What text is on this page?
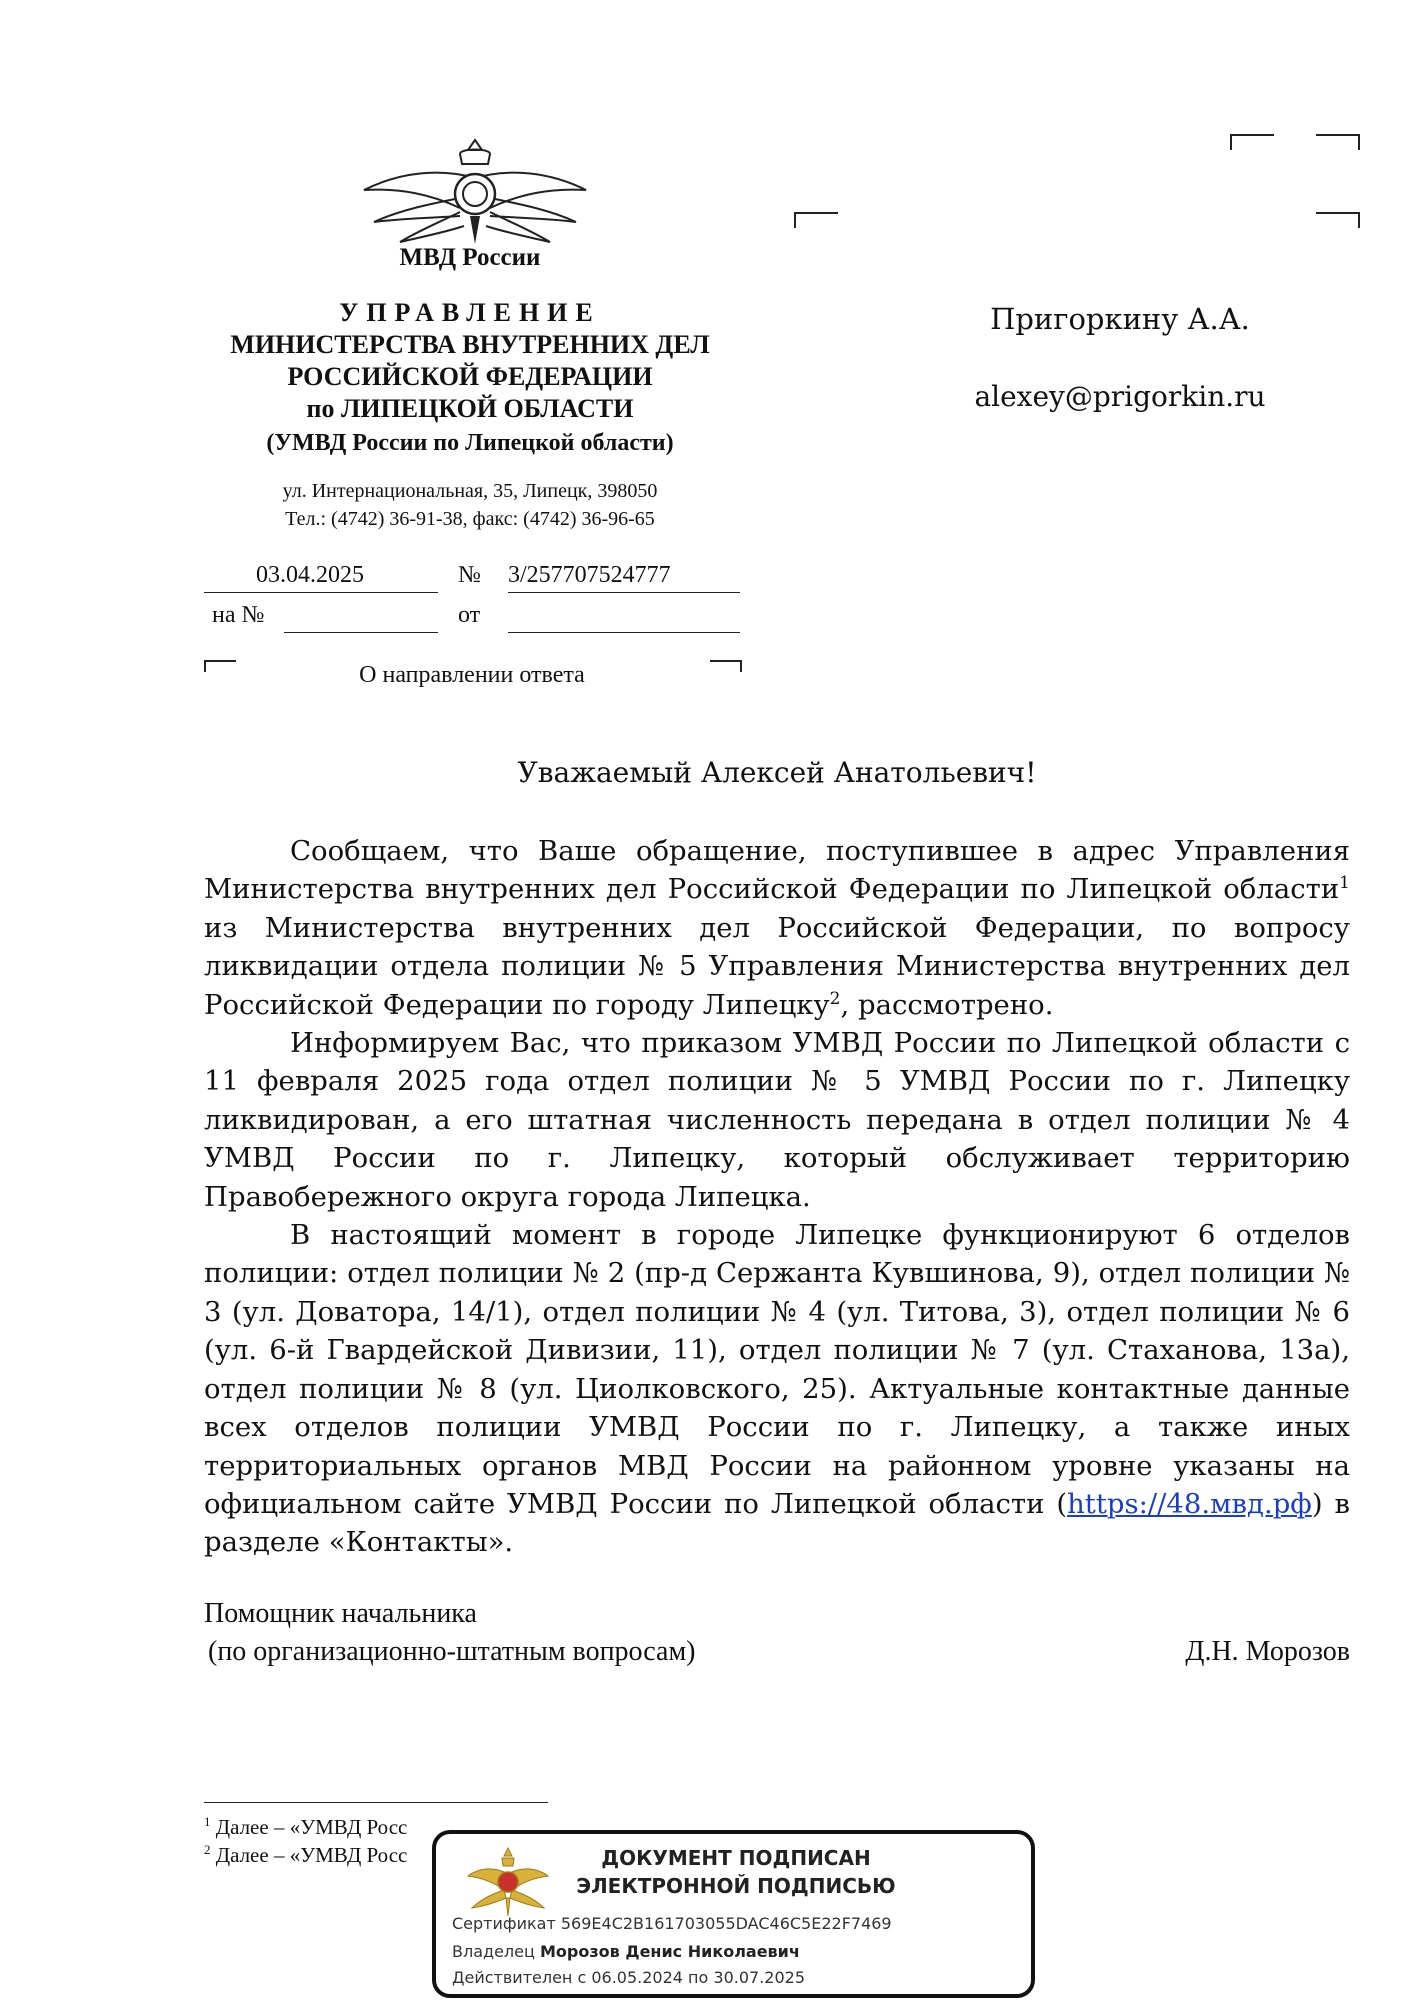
МВД России
УПРАВЛЕНИЕ
МИНИСТЕРСТВА ВНУТРЕННИХ ДЕЛ
РОССИЙСКОЙ ФЕДЕРАЦИИ
по ЛИПЕЦКОЙ ОБЛАСТИ
(УМВД России по Липецкой области)
ул. Интернациональная, 35, Липецк, 398050
Тел.: (4742) 36-91-38, факс: (4742) 36-96-65
03.04.2025	№ 3/257707524777
на №	от
О направлении ответа
Пригоркину А.А.
alexey@prigorkin.ru
Уважаемый Алексей Анатольевич!

Сообщаем, что Ваше обращение, поступившее в адрес Управления Министерства внутренних дел Российской Федерации по Липецкой области$^1$ из Министерства внутренних дел Российской Федерации, по вопросу ликвидации отдела полиции № 5 Управления Министерства внутренних дел Российской Федерации по городу Липецку$^2$, рассмотрено.

Информируем Вас, что приказом УМВД России по Липецкой области с 11 февраля 2025 года отдел полиции № 5 УМВД России по г. Липецку ликвидирован, а его штатная численность передана в отдел полиции № 4 УМВД России по г. Липецку, который обслуживает территорию Правобережного округа города Липецка.

В настоящий момент в городе Липецке функционируют 6 отделов полиции: отдел полиции № 2 (пр-д Сержанта Кувшинова, 9), отдел полиции № 3 (ул. Доватора, 14/1), отдел полиции № 4 (ул. Титова, 3), отдел полиции № 6 (ул. 6-й Гвардейской Дивизии, 11), отдел полиции № 7 (ул. Стаханова, 13а), отдел полиции № 8 (ул. Циолковского, 25). Актуальные контактные данные всех отделов полиции УМВД России по г. Липецку, а также иных территориальных органов МВД России на районном уровне указаны на официальном сайте УМВД России по Липецкой области (https://48.мвд.рф) в разделе «Контакты».

Помощник начальника
(по организационно-штатным вопросам)	Д.Н. Морозов
$^1$ Далее – «УМВД Росс
$^2$ Далее – «УМВД Росс	ДОКУМЕНТ ПОДПИСАН
ЭЛЕКТРОННОЙ ПОДПИСЬЮ
Сертификат 569E4C2B161703055DAC46C5E22F7469
Владелец Морозов Денис Николаевич
Действителен с 06.05.2024 по 30.07.2025
